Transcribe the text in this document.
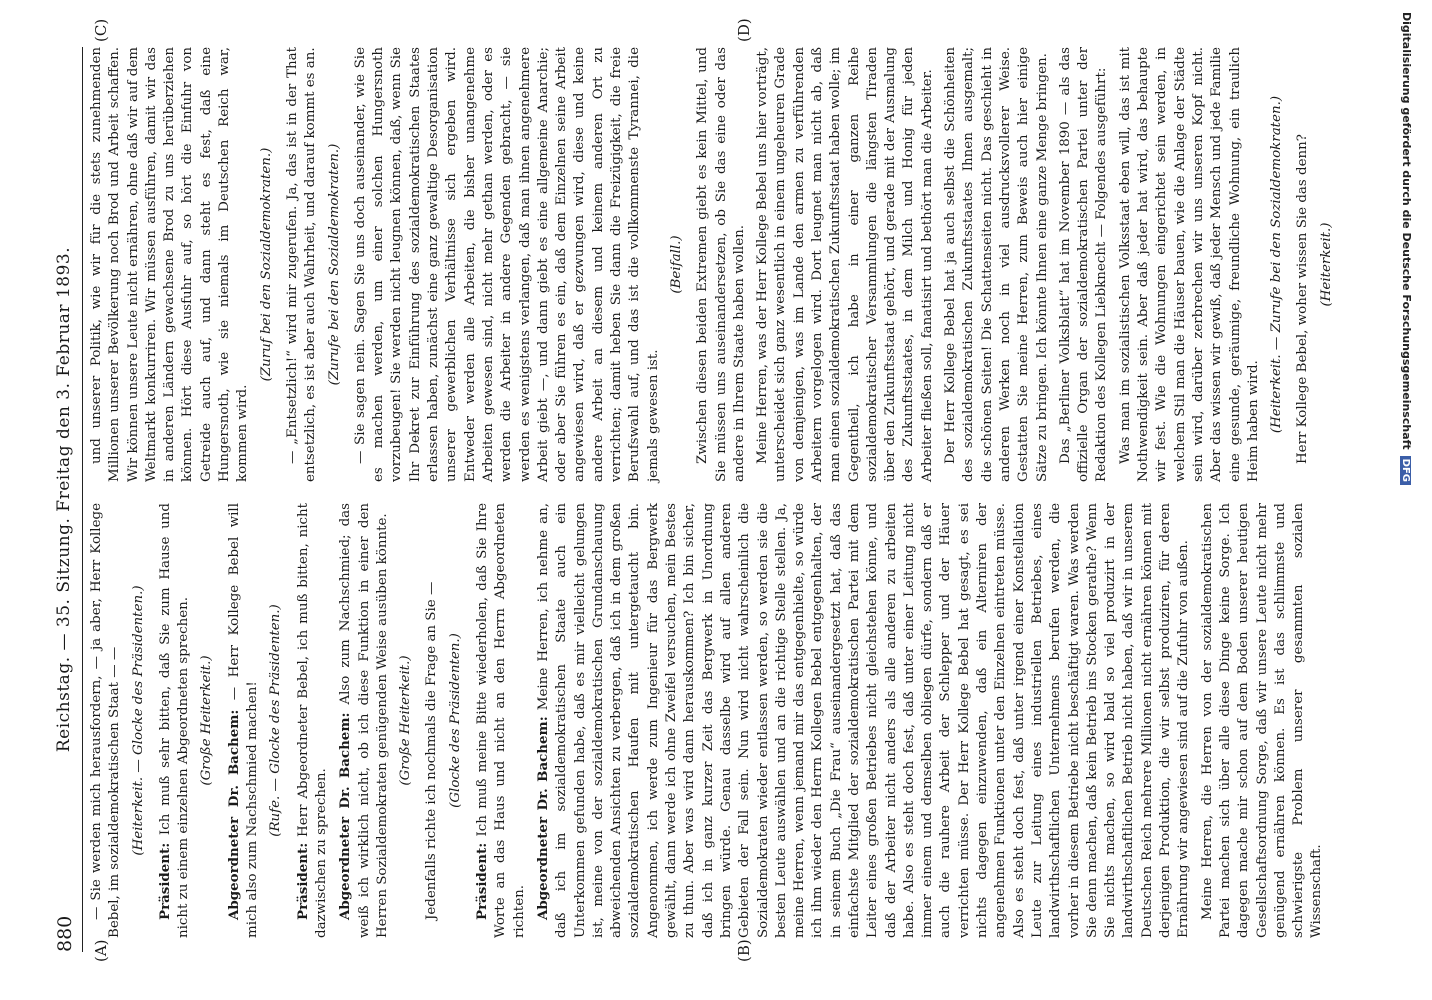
880
Reichstag. — 35. Sitzung. Freitag den 3. Februar 1893.
(A)	(B)
(C)	(D)

— Sie werden mich herausfordern, — ja aber, Herr Kollege Bebel, im sozialdemokratischen Staat — — (Heiterkeit. — Glocke des Präsidenten.)

Präsident: Ich muß sehr bitten, daß Sie zum Hause und nicht zu einem einzelnen Abgeordneten sprechen. (Große Heiterkeit.) Abgeordneter Dr. Bachem: — Herr Kollege Bebel will mich also zum Nachschmied machen! (Rufe. — Glocke des Präsidenten.)

Präsident: Herr Abgeordneter Bebel, ich muß bitten, nicht dazwischen zu sprechen. Abgeordneter Dr. Bachem: Also zum Nachschmied; das weiß ich wirklich nicht, ob ich diese Funktion in einer den Herren Sozialdemokraten genügenden Weise ausüben könnte. (Große Heiterkeit.) Jedenfalls richte ich nochmals die Frage an Sie — (Glocke des Präsidenten.)

Präsident: Ich muß meine Bitte wiederholen, daß Sie Ihre Worte an das Haus und nicht an den Herrn Abgeordneten richten. Abgeordneter Dr. Bachem: Meine Herren, ich nehme an, daß ich im sozialdemokratischen Staate auch ein Unterkommen gefunden habe, daß es mir vielleicht gelungen ist, meine von der sozialdemokratischen Grundanschauung abweichenden Ansichten zu verbergen, daß ich in dem großen sozialdemokratischen Haufen mit untergetaucht bin. Angenommen, ich werde zum Ingenieur für das Bergwerk gewählt, dann werde ich ohne Zweifel versuchen, mein Bestes zu thun. Aber was wird dann herauskommen? Ich bin sicher, daß ich in ganz kurzer Zeit das Bergwerk in Unordnung bringen würde. Genau dasselbe wird auf allen anderen Gebieten der Fall sein. Nun wird nicht wahrscheinlich die Sozialdemokraten wieder entlassen werden, so werden sie die besten Leute auswählen und an die richtige Stelle stellen. Ja, meine Herren, wenn jemand mir das entgegenhielte, so würde ich ihm wieder den Herrn Kollegen Bebel entgegenhalten, der in seinem Buch „Die Frau“ auseinandergesetzt hat, daß das einfachste Mitglied der sozialdemokratischen Partei mit dem Leiter eines großen Betriebes nicht gleichstehen könne, und daß der Arbeiter nicht anders als alle anderen zu arbeiten habe. Also es steht doch fest, daß unter einer Leitung nicht immer einem und demselben obliegen dürfe, sondern daß er auch die rauhere Arbeit der Schlepper und der Häuer verrichten müsse. Der Herr Kollege Bebel hat gesagt, es sei nichts dagegen einzuwenden, daß ein Alterniren der angenehmen Funktionen unter den Einzelnen eintreten müsse. Also es steht doch fest, daß unter irgend einer Konstellation Leute zur Leitung eines industriellen Betriebes, eines landwirthschaftlichen Unternehmens berufen werden, die vorher in diesem Betriebe nicht beschäftigt waren. Was werden Sie denn machen, daß kein Betrieb ins Stocken gerathe? Wenn Sie nichts machen, so wird bald so viel produzirt in der landwirthschaftlichen Betrieb nicht haben, daß wir in unserem Deutschen Reich mehrere Millionen nicht ernähren können mit derjenigen Produktion, die wir selbst produziren, für deren Ernährung wir angewiesen sind auf die Zufuhr von außen. Meine Herren, die Herren von der sozialdemokratischen Partei machen sich über alle diese Dinge keine Sorge. Ich dagegen mache mir schon auf dem Boden unserer heutigen Gesellschaftsordnung Sorge, daß wir unsere Leute nicht mehr genügend ernähren können. Es ist das schlimmste und schwierigste Problem unserer gesammten sozialen Wissenschaft.

und unserer Politik, wie wir für die stets zunehmenden Millionen unserer Bevölkerung noch Brod und Arbeit schaffen. Wir können unsere Leute nicht ernähren, ohne daß wir auf dem Weltmarkt konkurriren. Wir müssen ausführen, damit wir das in anderen Ländern gewachsene Brod zu uns herüberziehen können. Hört diese Ausfuhr auf, so hört die Einfuhr von Getreide auch auf, und dann steht es fest, daß eine Hungersnoth, wie sie niemals im Deutschen Reich war, kommen wird.

(Zuruf bei den Sozialdemokraten.) — „Entsetzlich!“ wird mir zugerufen. Ja, das ist in der That entsetzlich, es ist aber auch Wahrheit, und darauf kommt es an. (Zurufe bei den Sozialdemokraten.) — Sie sagen nein. Sagen Sie uns doch auseinander, wie Sie es machen werden, um einer solchen Hungersnoth vorzubeugen! Sie werden nicht leugnen können, daß, wenn Sie Ihr Dekret zur Einführung des sozialdemokratischen Staates erlassen haben, zunächst eine ganz gewaltige Desorganisation unserer gewerblichen Verhältnisse sich ergeben wird. Entweder werden alle Arbeiten, die bisher unangenehme Arbeiten gewesen sind, nicht mehr gethan werden, oder es werden die Arbeiter in andere Gegenden gebracht, — sie werden es wenigstens verlangen, daß man ihnen angenehmere Arbeit giebt —, und dann giebt es eine allgemeine Anarchie; oder aber Sie führen es ein, daß dem Einzelnen seine Arbeit angewiesen wird, daß er gezwungen wird, diese und keine andere Arbeit an diesem und keinem anderen Ort zu verrichten; damit heben Sie dann die Freizügigkeit, die freie Berufswahl auf, und das ist die vollkommenste Tyrannei, die jemals gewesen ist.

(Beifall.) Zwischen diesen beiden Extremen giebt es kein Mittel, und Sie müssen uns auseinandersetzen, ob Sie das eine oder das andere in Ihrem Staate haben wollen. Meine Herren, was der Herr Kollege Bebel uns hier vorträgt, unterscheidet sich ganz wesentlich in einem ungeheuren Grade von demjenigen, was im Lande den armen zu verführenden Arbeitern vorgelogen wird. Dort leugnet man nicht ab, daß man einen sozialdemokratischen Zukunftsstaat haben wolle; im Gegentheil, ich habe in einer ganzen Reihe sozialdemokratischer Versammlungen die längsten Tiraden über den Zukunftsstaat gehört, und gerade mit der Ausmalung des Zukunftsstaates, in dem Milch und Honig für jeden Arbeiter fließen soll, fanatisirt und bethört man die Arbeiter. Der Herr Kollege Bebel hat ja auch selbst die Schönheiten des sozialdemokratischen Zukunftsstaates Ihnen ausgemalt; die schönen Seiten! Die Schattenseiten nicht. Das geschieht in anderen Werken noch in viel ausdrucksvollerer Weise. Gestatten Sie meine Herren, zum Beweis auch hier einige Sätze zu bringen. Ich könnte Ihnen eine ganze Menge bringen. Das „Berliner Volksblatt“ hat im November 1890 — als das offizielle Organ der sozialdemokratischen Partei unter der Redaktion des Kollegen Liebknecht — Folgendes ausgeführt: Was man im sozialistischen Volksstaat eben will, das ist mit Nothwendigkeit sein. Aber daß jeder hat wird, das behaupte wir fest. Wie die Wohnungen eingerichtet sein werden, in welchem Stil man die Häuser bauen, wie die Anlage der Städte sein wird, darüber zerbrechen wir uns unseren Kopf nicht. Aber das wissen wir gewiß, daß jeder Mensch und jede Familie eine gesunde, geräumige, freundliche Wohnung, ein traulich Heim haben wird. (Heiterkeit. — Zurufe bei den Sozialdemokraten.) Herr Kollege Bebel, woher wissen Sie das denn? (Heiterkeit.)	Digitalisierung gefördert durch die Deutsche ForschungsgemeinschaftDFG
